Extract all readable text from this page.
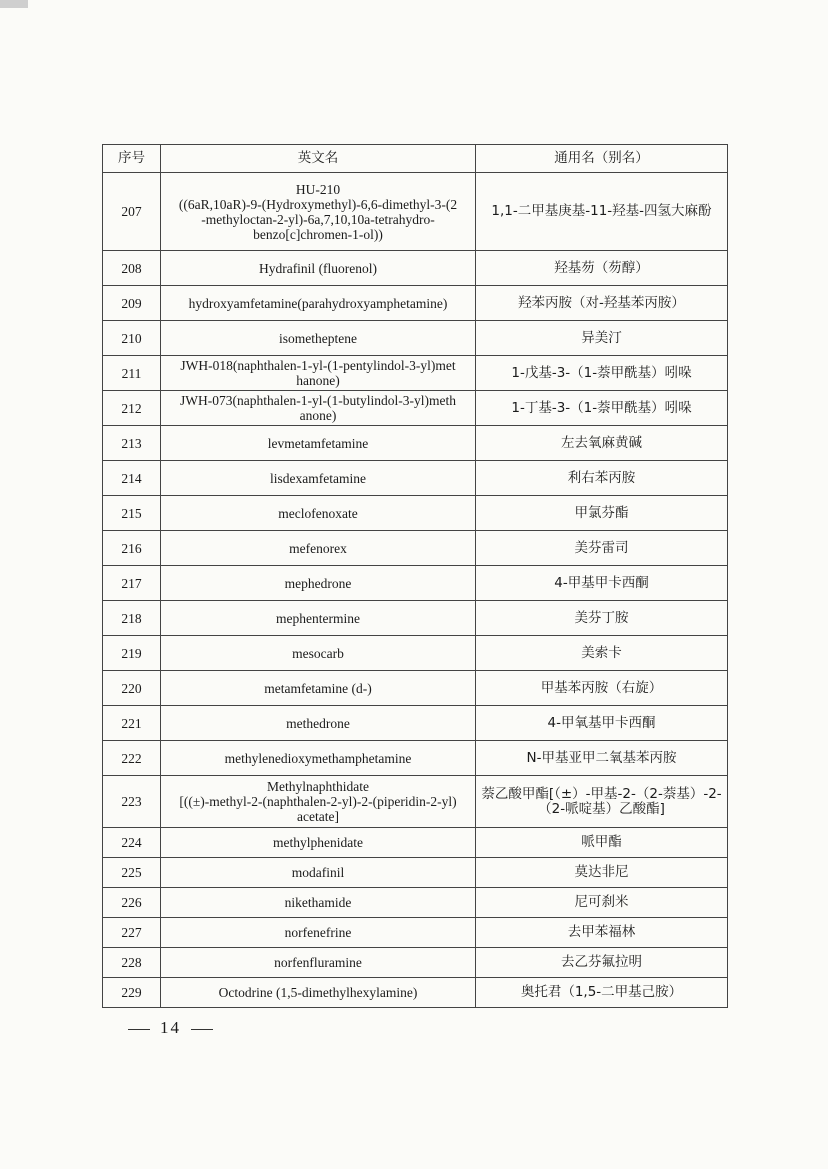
序号	英文名	通用名（别名）
207	HU-210
((6aR,10aR)-9-(Hydroxymethyl)-6,6-dimethyl-3-(2
-methyloctan-2-yl)-6a,7,10,10a-tetrahydro-
benzo[c]chromen-1-ol))	1,1-二甲基庚基-11-羟基-四氢大麻酚
208	Hydrafinil (fluorenol)	羟基芴（芴醇）
209	hydroxyamfetamine(parahydroxyamphetamine)	羟苯丙胺（对-羟基苯丙胺）
210	isometheptene	异美汀
211	JWH-018(naphthalen-1-yl-(1-pentylindol-3-yl)met
hanone)	1-戊基-3-（1-萘甲酰基）吲哚
212	JWH-073(naphthalen-1-yl-(1-butylindol-3-yl)meth
anone)	1-丁基-3-（1-萘甲酰基）吲哚
213	levmetamfetamine	左去氧麻黄碱
214	lisdexamfetamine	利右苯丙胺
215	meclofenoxate	甲氯芬酯
216	mefenorex	美芬雷司
217	mephedrone	4-甲基甲卡西酮
218	mephentermine	美芬丁胺
219	mesocarb	美索卡
220	metamfetamine (d-)	甲基苯丙胺（右旋）
221	methedrone	4-甲氧基甲卡西酮
222	methylenedioxymethamphetamine	N-甲基亚甲二氧基苯丙胺
223	Methylnaphthidate
[((±)-methyl-2-(naphthalen-2-yl)-2-(piperidin-2-yl)
acetate]	萘乙酸甲酯[（±）-甲基-2-（2-萘基）-2-
（2-哌啶基）乙酸酯]
224	methylphenidate	哌甲酯
225	modafinil	莫达非尼
226	nikethamide	尼可刹米
227	norfenefrine	去甲苯福林
228	norfenfluramine	去乙芬氟拉明
229	Octodrine (1,5-dimethylhexylamine)	奥托君（1,5-二甲基己胺）
14
